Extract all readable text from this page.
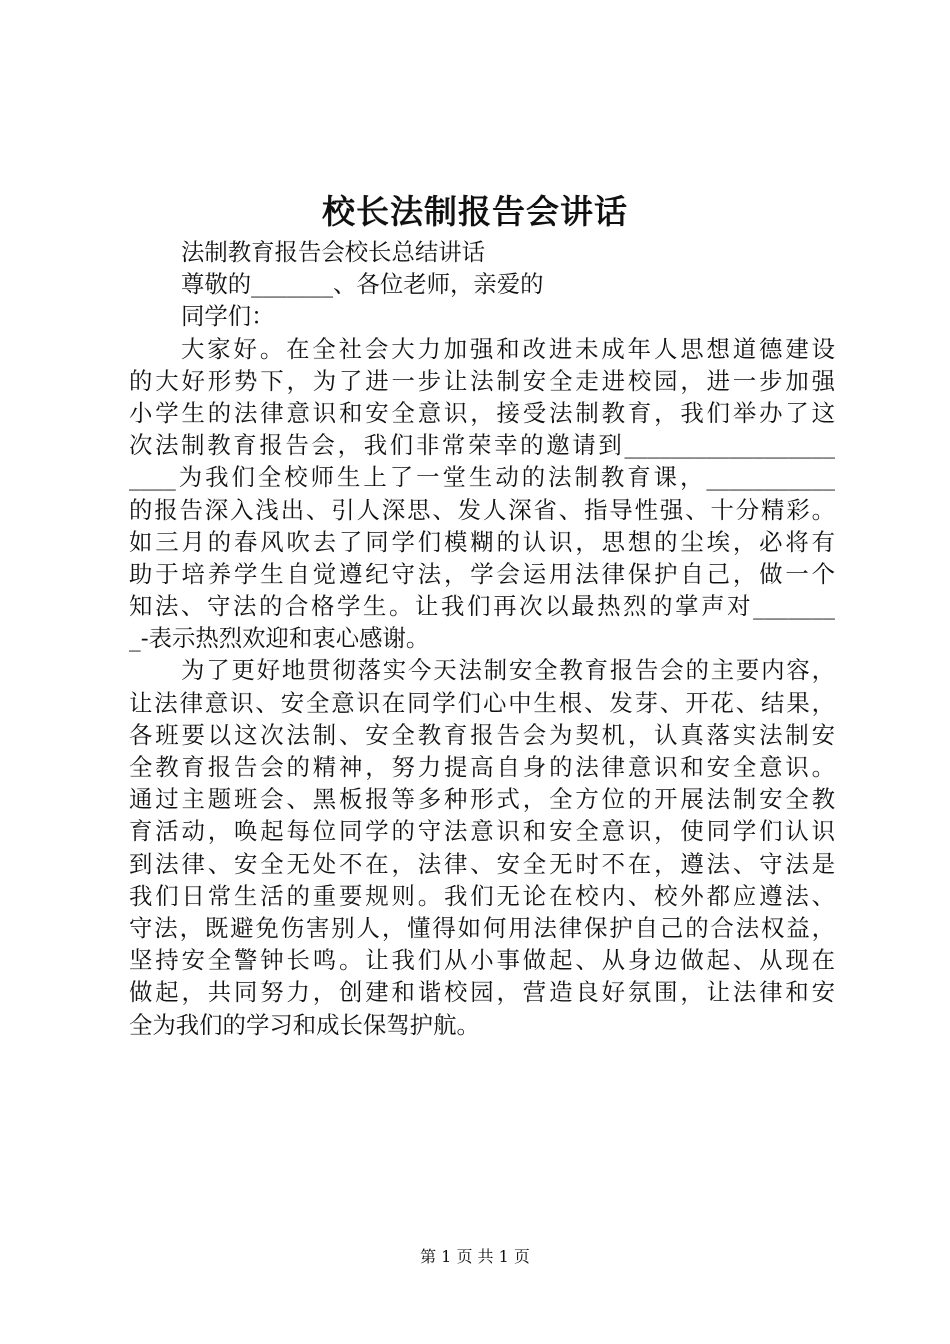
校长法制报告会讲话
法制教育报告会校长总结讲话
尊敬的_______、各位老师，亲爱的
同学们：
大家好。在全社会大力加强和改进未成年人思想道德建设
的大好形势下，为了进一步让法制安全走进校园，进一步加强
小学生的法律意识和安全意识，接受法制教育，我们举办了这
次法制教育报告会，我们非常荣幸的邀请到__________________
____为我们全校师生上了一堂生动的法制教育课，___________
的报告深入浅出、引人深思、发人深省、指导性强、十分精彩。
如三月的春风吹去了同学们模糊的认识，思想的尘埃，必将有
助于培养学生自觉遵纪守法，学会运用法律保护自己，做一个
知法、守法的合格学生。让我们再次以最热烈的掌声对_______
_-表示热烈欢迎和衷心感谢。
为了更好地贯彻落实今天法制安全教育报告会的主要内容，
让法律意识、安全意识在同学们心中生根、发芽、开花、结果，
各班要以这次法制、安全教育报告会为契机，认真落实法制安
全教育报告会的精神，努力提高自身的法律意识和安全意识。
通过主题班会、黑板报等多种形式，全方位的开展法制安全教
育活动，唤起每位同学的守法意识和安全意识，使同学们认识
到法律、安全无处不在，法律、安全无时不在，遵法、守法是
我们日常生活的重要规则。我们无论在校内、校外都应遵法、
守法，既避免伤害别人，懂得如何用法律保护自己的合法权益，
坚持安全警钟长鸣。让我们从小事做起、从身边做起、从现在
做起，共同努力，创建和谐校园，营造良好氛围，让法律和安
全为我们的学习和成长保驾护航。
第 1 页 共 1 页
